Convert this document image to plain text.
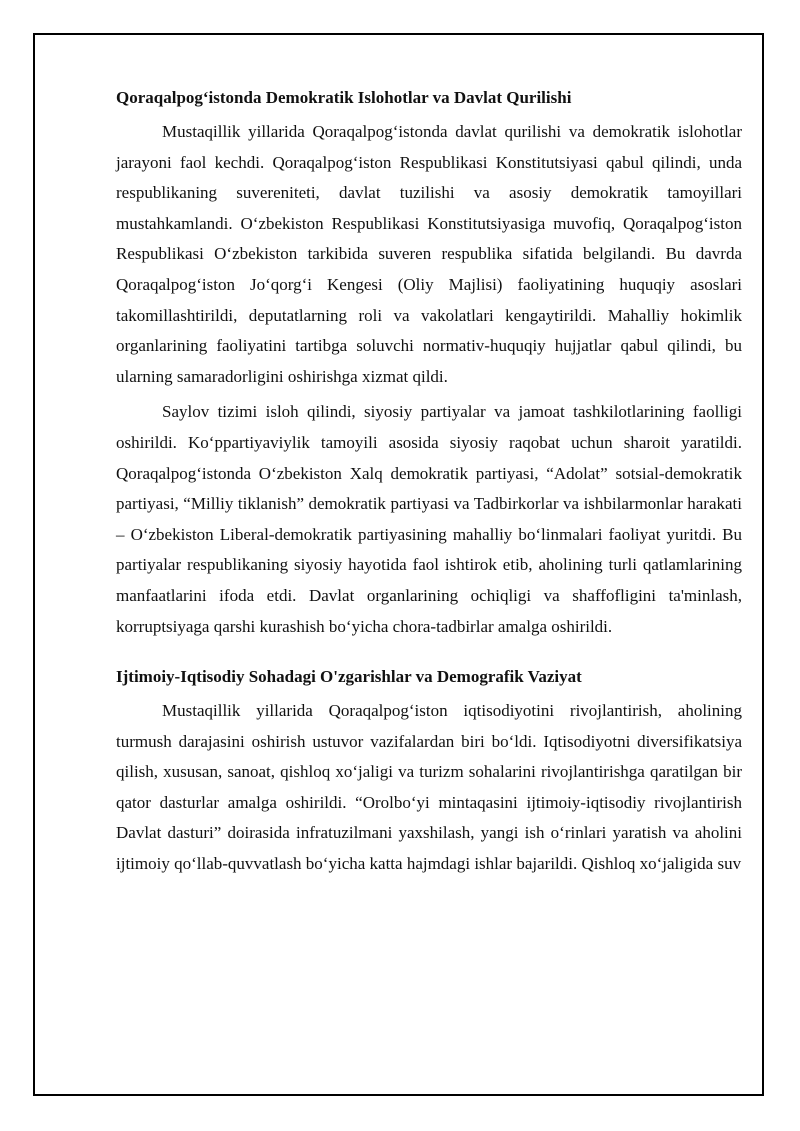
Qoraqalpog‘istonda Demokratik Islohotlar va Davlat Qurilishi

Mustaqillik yillarida Qoraqalpog‘istonda davlat qurilishi va demokratik islohotlar jarayoni faol kechdi. Qoraqalpog‘iston Respublikasi Konstitutsiyasi qabul qilindi, unda respublikaning suvereniteti, davlat tuzilishi va asosiy demokratik tamoyillari mustahkamlandi. O‘zbekiston Respublikasi Konstitutsiyasiga muvofiq, Qoraqalpog‘iston Respublikasi O‘zbekiston tarkibida suveren respublika sifatida belgilandi. Bu davrda Qoraqalpog‘iston Jo‘qorg‘i Kengesi (Oliy Majlisi) faoliyatining huquqiy asoslari takomillashtirildi, deputatlarning roli va vakolatlari kengaytirildi. Mahalliy hokimlik organlarining faoliyatini tartibga soluvchi normativ-huquqiy hujjatlar qabul qilindi, bu ularning samaradorligini oshirishga xizmat qildi.

Saylov tizimi isloh qilindi, siyosiy partiyalar va jamoat tashkilotlarining faolligi oshirildi. Ko‘ppartiyaviylik tamoyili asosida siyosiy raqobat uchun sharoit yaratildi. Qoraqalpog‘istonda O‘zbekiston Xalq demokratik partiyasi, “Adolat” sotsial-demokratik partiyasi, “Milliy tiklanish” demokratik partiyasi va Tadbirkorlar va ishbilarmonlar harakati – O‘zbekiston Liberal-demokratik partiyasining mahalliy bo‘linmalari faoliyat yuritdi. Bu partiyalar respublikaning siyosiy hayotida faol ishtirok etib, aholining turli qatlamlarining manfaatlarini ifoda etdi. Davlat organlarining ochiqligi va shaffofligini ta'minlash, korruptsiyaga qarshi kurashish bo‘yicha chora-tadbirlar amalga oshirildi.

Ijtimoiy-Iqtisodiy Sohadagi O'zgarishlar va Demografik Vaziyat

Mustaqillik yillarida Qoraqalpog‘iston iqtisodiyotini rivojlantirish, aholining turmush darajasini oshirish ustuvor vazifalardan biri bo‘ldi. Iqtisodiyotni diversifikatsiya qilish, xususan, sanoat, qishloq xo‘jaligi va turizm sohalarini rivojlantirishga qaratilgan bir qator dasturlar amalga oshirildi. “Orolbo‘yi mintaqasini ijtimoiy-iqtisodiy rivojlantirish Davlat dasturi” doirasida infratuzilmani yaxshilash, yangi ish o‘rinlari yaratish va aholini ijtimoiy qo‘llab-quvvatlash bo‘yicha katta hajmdagi ishlar bajarildi. Qishloq xo‘jaligida suv
